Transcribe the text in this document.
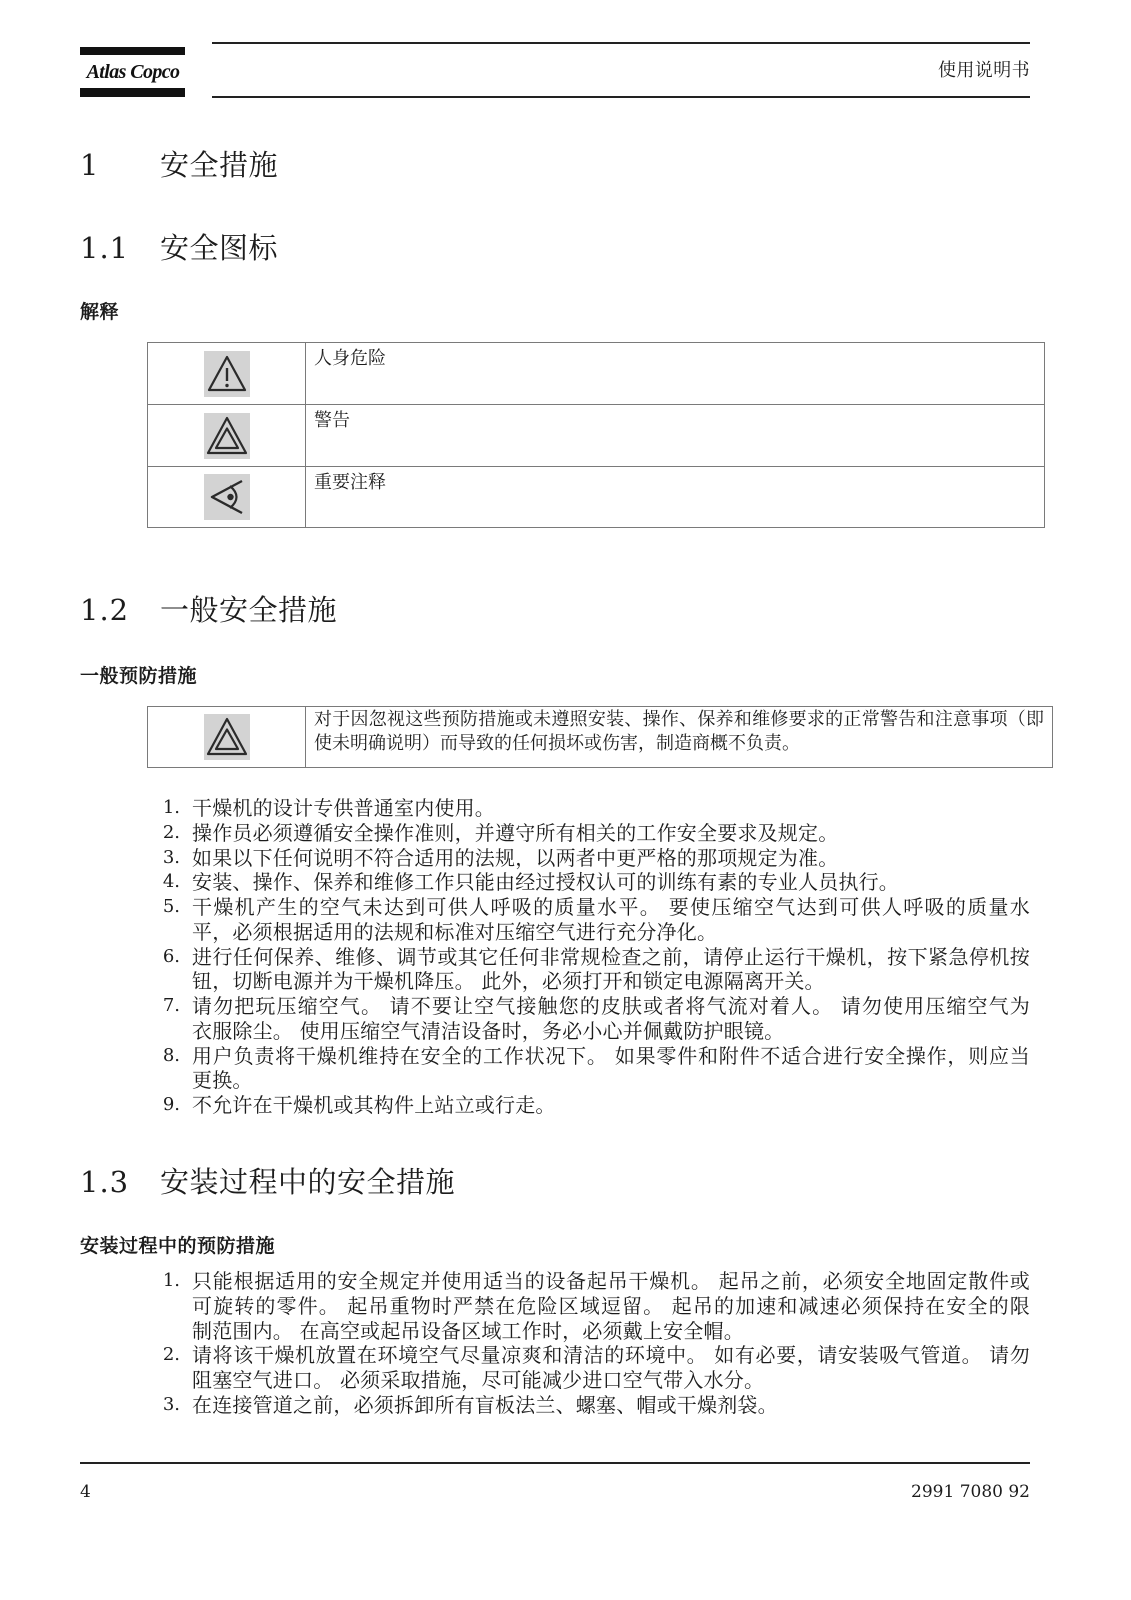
Atlas Copco	使用说明书
1 安全措施
1.1 安全图标
解释

人身危险

警告

重要注释
1.2 一般安全措施
一般预防措施

对于因忽视这些预防措施或未遵照安装、操作、保养和维修要求的正常警告和注意事项（即
使未明确说明）而导致的任何损坏或伤害，制造商概不负责。
1. 干燥机的设计专供普通室内使用。
2. 操作员必须遵循安全操作准则，并遵守所有相关的工作安全要求及规定。
3. 如果以下任何说明不符合适用的法规，以两者中更严格的那项规定为准。
4. 安装、操作、保养和维修工作只能由经过授权认可的训练有素的专业人员执行。
5. 干燥机产生的空气未达到可供人呼吸的质量水平。 要使压缩空气达到可供人呼吸的质量水
平，必须根据适用的法规和标准对压缩空气进行充分净化。
6. 进行任何保养、维修、调节或其它任何非常规检查之前，请停止运行干燥机，按下紧急停机按
钮，切断电源并为干燥机降压。 此外，必须打开和锁定电源隔离开关。
7. 请勿把玩压缩空气。 请不要让空气接触您的皮肤或者将气流对着人。 请勿使用压缩空气为
衣服除尘。 使用压缩空气清洁设备时，务必小心并佩戴防护眼镜。
8. 用户负责将干燥机维持在安全的工作状况下。 如果零件和附件不适合进行安全操作，则应当
更换。
9. 不允许在干燥机或其构件上站立或行走。
1.3 安装过程中的安全措施
安装过程中的预防措施
1. 只能根据适用的安全规定并使用适当的设备起吊干燥机。 起吊之前，必须安全地固定散件或
可旋转的零件。 起吊重物时严禁在危险区域逗留。 起吊的加速和减速必须保持在安全的限
制范围内。 在高空或起吊设备区域工作时，必须戴上安全帽。
2. 请将该干燥机放置在环境空气尽量凉爽和清洁的环境中。 如有必要，请安装吸气管道。 请勿
阻塞空气进口。 必须采取措施，尽可能减少进口空气带入水分。
3. 在连接管道之前，必须拆卸所有盲板法兰、螺塞、帽或干燥剂袋。
4	2991 7080 92
